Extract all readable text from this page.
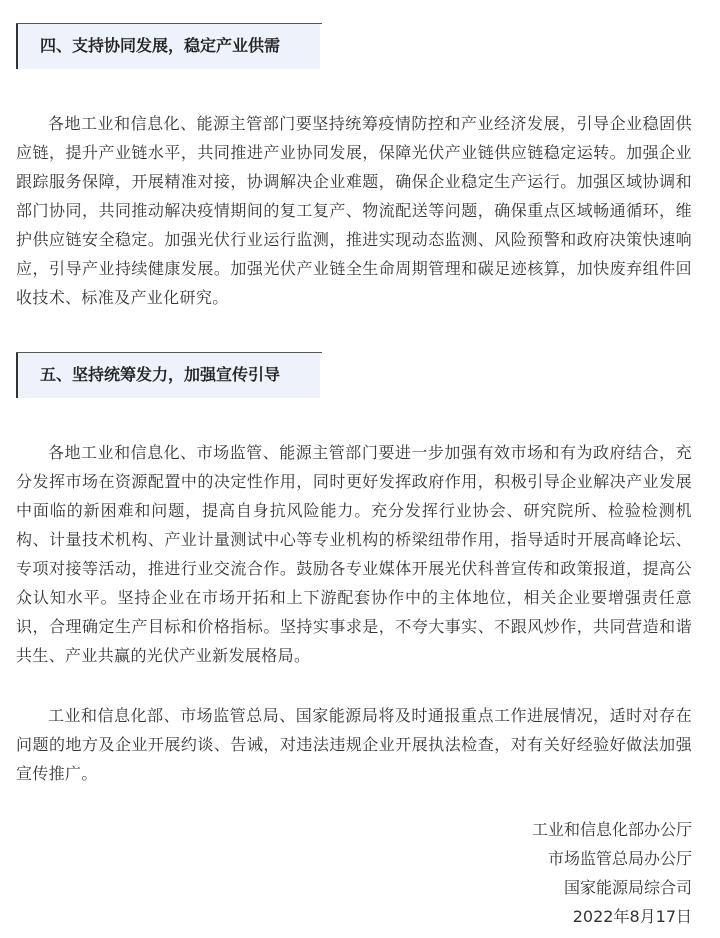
四、支持协同发展，稳定产业供需

各地工业和信息化、能源主管部门要坚持统筹疫情防控和产业经济发展，引导企业稳固供应链，提升产业链水平，共同推进产业协同发展，保障光伏产业链供应链稳定运转。加强企业跟踪服务保障，开展精准对接，协调解决企业难题，确保企业稳定生产运行。加强区域协调和部门协同，共同推动解决疫情期间的复工复产、物流配送等问题，确保重点区域畅通循环，维护供应链安全稳定。加强光伏行业运行监测，推进实现动态监测、风险预警和政府决策快速响应，引导产业持续健康发展。加强光伏产业链全生命周期管理和碳足迹核算，加快废弃组件回收技术、标准及产业化研究。

五、坚持统筹发力，加强宣传引导

各地工业和信息化、市场监管、能源主管部门要进一步加强有效市场和有为政府结合，充分发挥市场在资源配置中的决定性作用，同时更好发挥政府作用，积极引导企业解决产业发展中面临的新困难和问题，提高自身抗风险能力。充分发挥行业协会、研究院所、检验检测机构、计量技术机构、产业计量测试中心等专业机构的桥梁纽带作用，指导适时开展高峰论坛、专项对接等活动，推进行业交流合作。鼓励各专业媒体开展光伏科普宣传和政策报道，提高公众认知水平。坚持企业在市场开拓和上下游配套协作中的主体地位，相关企业要增强责任意识，合理确定生产目标和价格指标。坚持实事求是，不夸大事实、不跟风炒作，共同营造和谐共生、产业共赢的光伏产业新发展格局。

工业和信息化部、市场监管总局、国家能源局将及时通报重点工作进展情况，适时对存在问题的地方及企业开展约谈、告诫，对违法违规企业开展执法检查，对有关好经验好做法加强宣传推广。

工业和信息化部办公厅

市场监管总局办公厅

国家能源局综合司

2022年8月17日
